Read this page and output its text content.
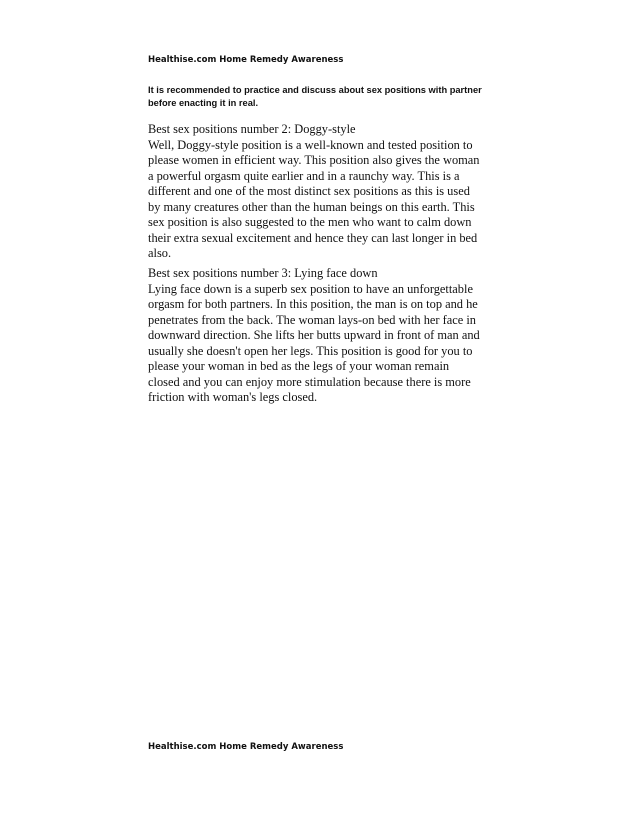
Healthise.com Home Remedy Awareness
It is recommended to practice and discuss about sex positions with partner
before enacting it in real.
Best sex positions number 2: Doggy-style
Well, Doggy-style position is a well-known and tested position to
please women in efficient way. This position also gives the woman
a powerful orgasm quite earlier and in a raunchy way. This is a
different and one of the most distinct sex positions as this is used
by many creatures other than the human beings on this earth. This
sex position is also suggested to the men who want to calm down
their extra sexual excitement and hence they can last longer in bed
also.
Best sex positions number 3: Lying face down
Lying face down is a superb sex position to have an unforgettable
orgasm for both partners. In this position, the man is on top and he
penetrates from the back. The woman lays-on bed with her face in
downward direction. She lifts her butts upward in front of man and
usually she doesn't open her legs. This position is good for you to
please your woman in bed as the legs of your woman remain
closed and you can enjoy more stimulation because there is more
friction with woman's legs closed.
Healthise.com Home Remedy Awareness
